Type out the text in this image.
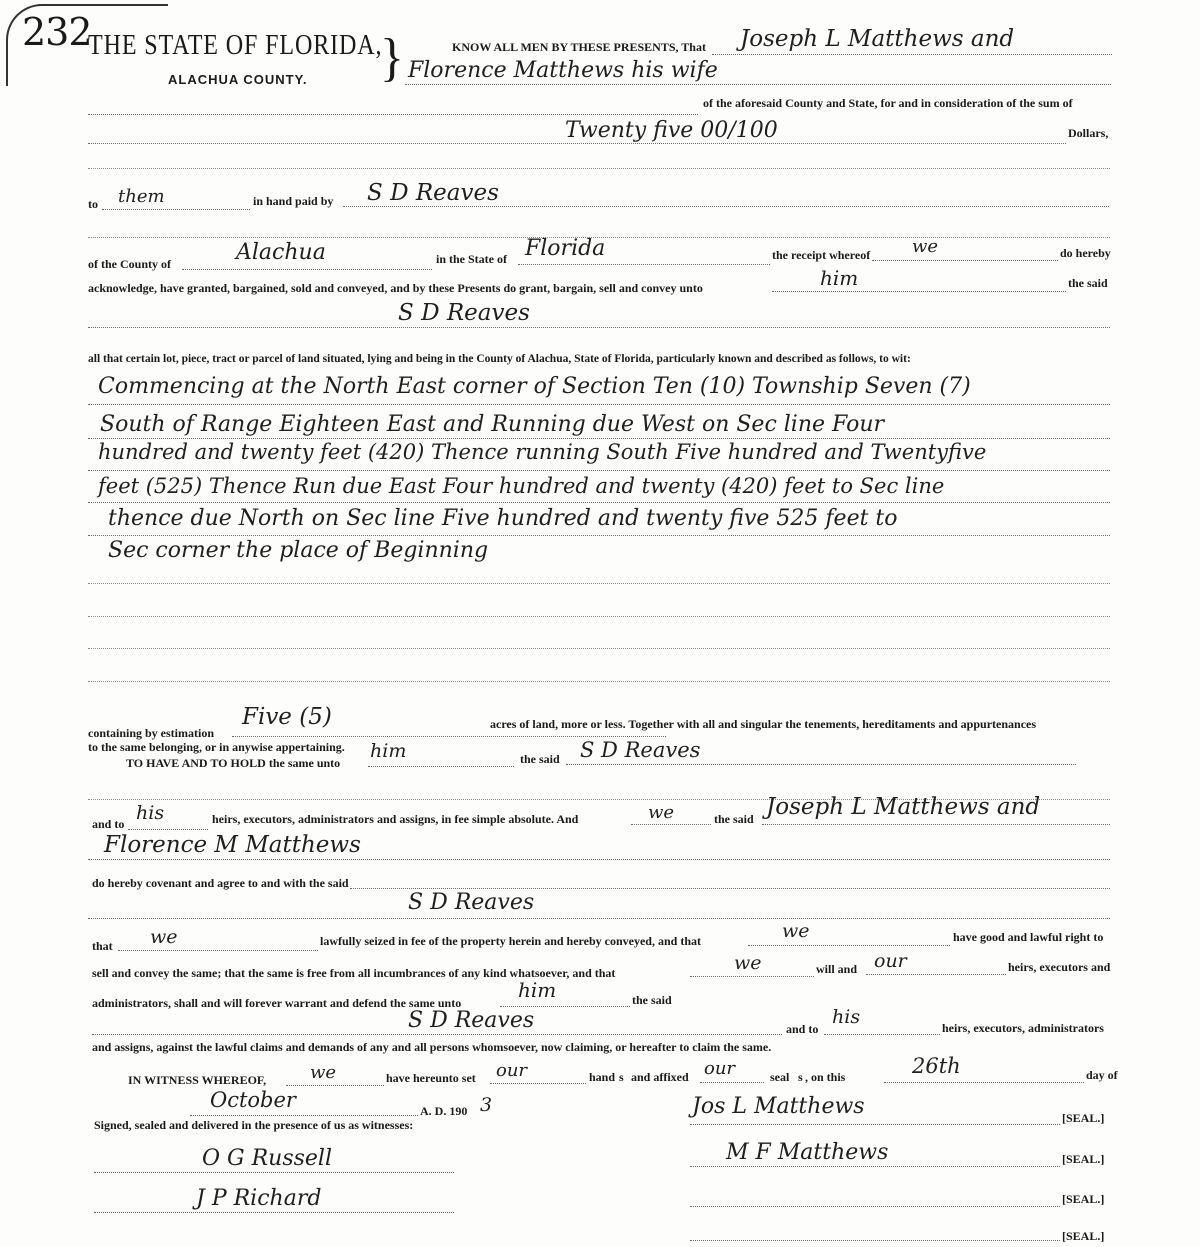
232
THE STATE OF FLORIDA,
}
ALACHUA COUNTY.
KNOW ALL MEN BY THESE PRESENTS, That Joseph L Matthews and
Florence Matthews his wife
of the aforesaid County and State, for and in consideration of the sum of
Twenty five 00/100	Dollars,
to them	in hand paid by S D Reaves
of the County of	Alachua	in the State of Florida	the receipt whereof we	do hereby
acknowledge, have granted, bargained, sold and conveyed, and by these Presents do grant, bargain, sell and convey unto	him	the said
S D Reaves
all that certain lot, piece, tract or parcel of land situated, lying and being in the County of Alachua, State of Florida, particularly known and described as follows, to wit:
Commencing at the North East corner of Section Ten (10) Township Seven (7)
South of Range Eighteen East and Running due West on Sec line Four
hundred and twenty feet (420) Thence running South Five hundred and Twentyfive
feet (525) Thence Run due East Four hundred and twenty (420) feet to Sec line
thence due North on Sec line Five hundred and twenty five 525 feet to
Sec corner the place of Beginning
containing by estimation
Five (5)	acres of land, more or less. Together with all and singular the tenements, hereditaments and appurtenances
to the same belonging, or in anywise appertaining.
TO HAVE AND TO HOLD the same unto
him	the said S D Reaves
and to his	heirs, executors, administrators and assigns, in fee simple absolute. And	we	the said Joseph L Matthews and
Florence M Matthews
do hereby covenant and agree to and with the said
S D Reaves
that we	lawfully seized in fee of the property herein and hereby conveyed, and that	we	have good and lawful right to
sell and convey the same; that the same is free from all incumbrances of any kind whatsoever, and that	we	will and our	heirs, executors and
administrators, shall and will forever warrant and defend the same unto
him	the said
S D Reaves	and to
his	heirs, executors, administrators
and assigns, against the lawful claims and demands of any and all persons whomsoever, now claiming, or hereafter to claim the same.
IN WITNESS WHEREOF, we	have hereunto set our	hand s and affixed our	seal s , on this	26th	day of
October	A. D. 190 3
Signed, sealed and delivered in the presence of us as witnesses:
Jos L Matthews	[SEAL.]
M F Matthews	[SEAL.]
[SEAL.]
[SEAL.]
O G Russell
J P Richard
